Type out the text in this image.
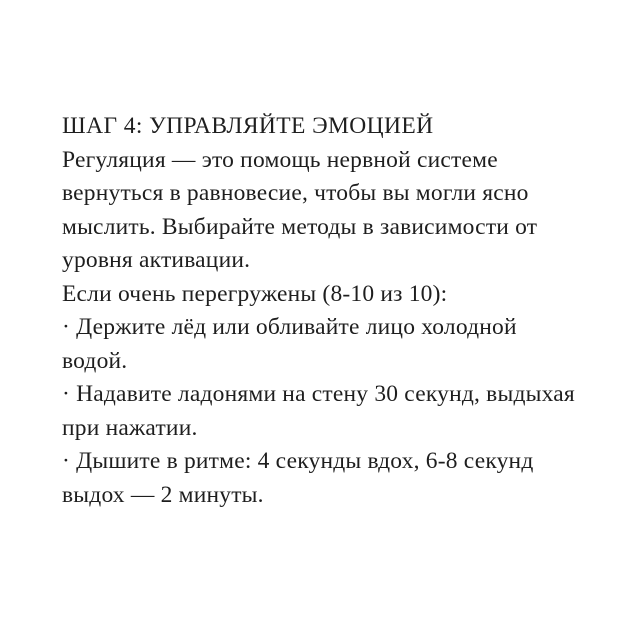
ШАГ 4: УПРАВЛЯЙТЕ ЭМОЦИЕЙ
Регуляция — это помощь нервной системе
вернуться в равновесие, чтобы вы могли ясно
мыслить. Выбирайте методы в зависимости от
уровня активации.
Если очень перегружены (8-10 из 10):
· Держите лёд или обливайте лицо холодной
водой.
· Надавите ладонями на стену 30 секунд, выдыхая
при нажатии.
· Дышите в ритме: 4 секунды вдох, 6-8 секунд
выдох — 2 минуты.
